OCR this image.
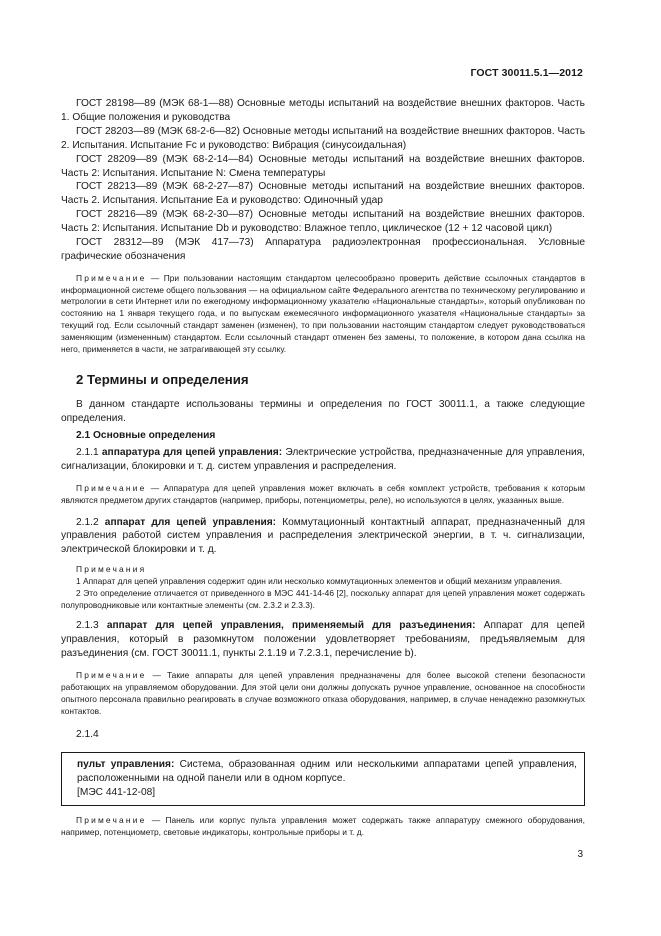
ГОСТ 30011.5.1—2012

ГОСТ 28198—89 (МЭК 68-1—88) Основные методы испытаний на воздействие внешних факторов. Часть 1. Общие положения и руководства

ГОСТ 28203—89 (МЭК 68-2-6—82) Основные методы испытаний на воздействие внешних факторов. Часть 2. Испытания. Испытание Fc и руководство: Вибрация (синусоидальная)

ГОСТ 28209—89 (МЭК 68-2-14—84) Основные методы испытаний на воздействие внешних факторов. Часть 2: Испытания. Испытание N: Смена температуры

ГОСТ 28213—89 (МЭК 68-2-27—87) Основные методы испытаний на воздействие внешних факторов. Часть 2. Испытания. Испытание Еа и руководство: Одиночный удар

ГОСТ 28216—89 (МЭК 68-2-30—87) Основные методы испытаний на воздействие внешних факторов. Часть 2: Испытания. Испытание Db и руководство: Влажное тепло, циклическое (12 + 12 часовой цикл)

ГОСТ 28312—89 (МЭК 417—73) Аппаратура радиоэлектронная профессиональная. Условные графические обозначения

Примечание — При пользовании настоящим стандартом целесообразно проверить действие ссылочных стандартов в информационной системе общего пользования — на официальном сайте Федерального агентства по техническому регулированию и метрологии в сети Интернет или по ежегодному информационному указателю «Национальные стандарты», который опубликован по состоянию на 1 января текущего года, и по выпускам ежемесячного информационного указателя «Национальные стандарты» за текущий год. Если ссылочный стандарт заменен (изменен), то при пользовании настоящим стандартом следует руководствоваться заменяющим (измененным) стандартом. Если ссылочный стандарт отменен без замены, то положение, в котором дана ссылка на него, применяется в части, не затрагивающей эту ссылку.

2 Термины и определения

В данном стандарте использованы термины и определения по ГОСТ 30011.1, а также следующие определения.

2.1 Основные определения

2.1.1 аппаратура для цепей управления: Электрические устройства, предназначенные для управления, сигнализации, блокировки и т. д. систем управления и распределения.

Примечание — Аппаратура для цепей управления может включать в себя комплект устройств, требования к которым являются предметом других стандартов (например, приборы, потенциометры, реле), но используются в целях, указанных выше.

2.1.2 аппарат для цепей управления: Коммутационный контактный аппарат, предназначенный для управления работой систем управления и распределения электрической энергии, в т. ч. сигнализации, электрической блокировки и т. д.

Примечания

1 Аппарат для цепей управления содержит один или несколько коммутационных элементов и общий механизм управления.

2 Это определение отличается от приведенного в МЭС 441-14-46 [2], поскольку аппарат для цепей управления может содержать полупроводниковые или контактные элементы (см. 2.3.2 и 2.3.3).

2.1.3 аппарат для цепей управления, применяемый для разъединения: Аппарат для цепей управления, который в разомкнутом положении удовлетворяет требованиям, предъявляемым для разъединения (см. ГОСТ 30011.1, пункты 2.1.19 и 7.2.3.1, перечисление b).

Примечание — Такие аппараты для цепей управления предназначены для более высокой степени безопасности работающих на управляемом оборудовании. Для этой цели они должны допускать ручное управление, основанное на способности опытного персонала правильно реагировать в случае возможного отказа оборудования, например, в случае ненадежно разомкнутых контактов.

2.1.4

пульт управления: Система, образованная одним или несколькими аппаратами цепей управления, расположенными на одной панели или в одном корпусе.

[МЭС 441-12-08]

Примечание — Панель или корпус пульта управления может содержать также аппаратуру смежного оборудования, например, потенциометр, световые индикаторы, контрольные приборы и т. д.

3
